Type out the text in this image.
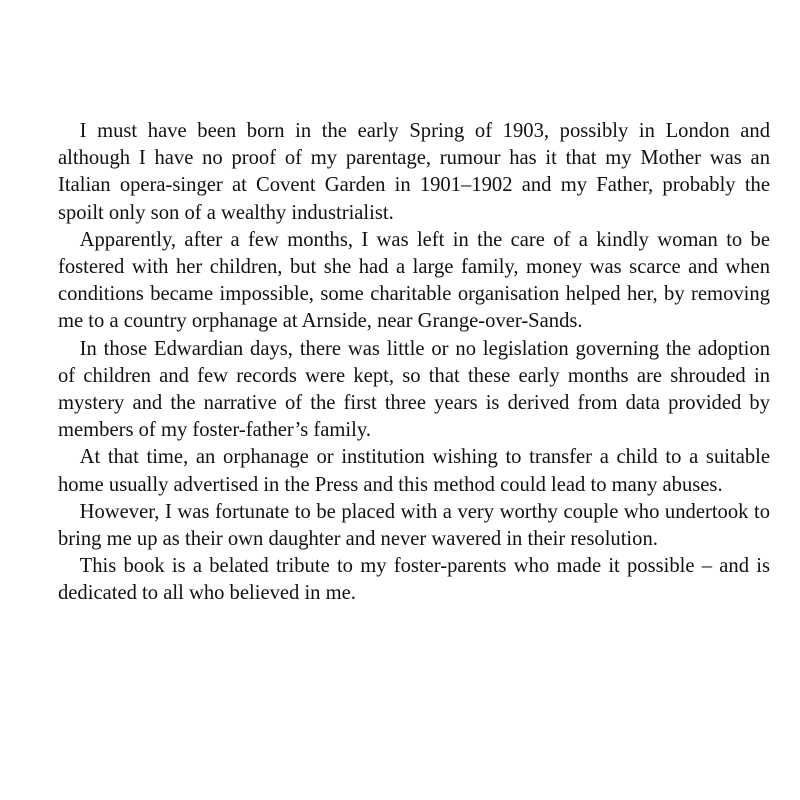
I must have been born in the early Spring of 1903, possibly in London and although I have no proof of my parentage, rumour has it that my Mother was an Italian opera-singer at Covent Garden in 1901–1902 and my Father, probably the spoilt only son of a wealthy industrialist.

Apparently, after a few months, I was left in the care of a kindly woman to be fostered with her children, but she had a large family, money was scarce and when conditions became impossible, some charitable organisation helped her, by removing me to a country orphanage at Arnside, near Grange-over-Sands.

In those Edwardian days, there was little or no legislation governing the adoption of children and few records were kept, so that these early months are shrouded in mystery and the narrative of the first three years is derived from data provided by members of my foster-father’s family.

At that time, an orphanage or institution wishing to transfer a child to a suitable home usually advertised in the Press and this method could lead to many abuses.

However, I was fortunate to be placed with a very worthy couple who undertook to bring me up as their own daughter and never wavered in their resolution.

This book is a belated tribute to my foster-parents who made it possible – and is dedicated to all who believed in me.
